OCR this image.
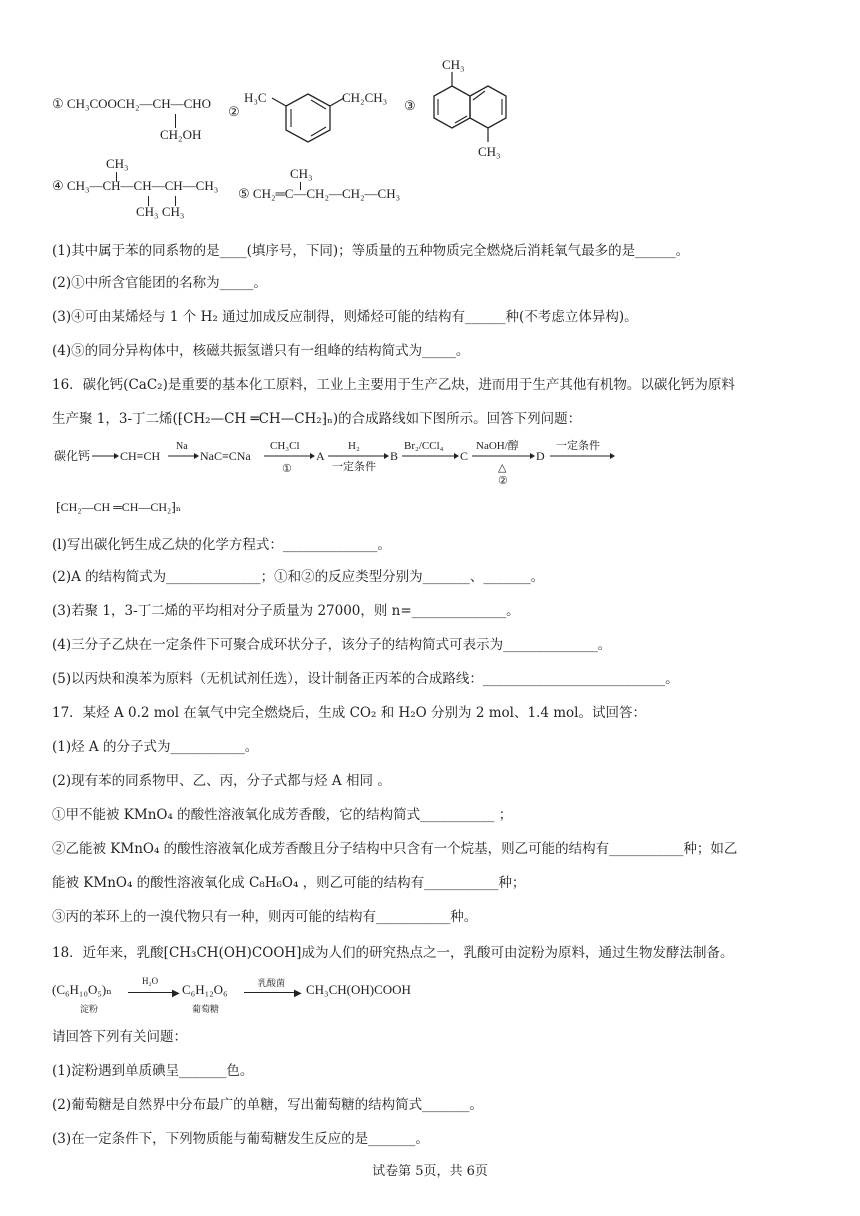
① CH₃COOCH₂—CH—CHO
CH₂OH
②
H₃C	CH₂CH₃
③
CH₃
CH₃
CH₃
④ CH₃—CH—CH—CH—CH₃
CH₃ CH₃
CH₃
⑤ CH₂═C—CH₂—CH₂—CH₃
(1)其中属于苯的同系物的是____(填序号，下同)；等质量的五种物质完全燃烧后消耗氧气最多的是______。
(2)①中所含官能团的名称为_____。
(3)④可由某烯烃与 1 个 H₂ 通过加成反应制得，则烯烃可能的结构有______种(不考虑立体异构)。
(4)⑤的同分异构体中，核磁共振氢谱只有一组峰的结构简式为_____。
16．碳化钙(CaC₂)是重要的基本化工原料，工业上主要用于生产乙炔，进而用于生产其他有机物。以碳化钙为原料
生产聚 1，3-丁二烯(⁅CH₂—CH ═CH—CH₂⁆ₙ)的合成路线如下图所示。回答下列问题：
碳化钙 CH≡CH
Na
NaC≡CNa
CH₃Cl
①
A
H₂
一定条件
B
Br₂/CCl₄
C
NaOH/醇
△
②
D
一定条件
⁅CH₂—CH ═CH—CH₂⁆ₙ
(l)写出碳化钙生成乙炔的化学方程式：______________。
(2)A 的结构简式为______________；①和②的反应类型分别为_______、_______。
(3)若聚 1，3-丁二烯的平均相对分子质量为 27000，则 n=______________。
(4)三分子乙炔在一定条件下可聚合成环状分子，该分子的结构简式可表示为______________。
(5)以丙炔和溴苯为原料（无机试剂任选），设计制备正丙苯的合成路线：___________________________。
17．某烃 A 0.2 mol 在氧气中完全燃烧后，生成 CO₂ 和 H₂O 分别为 2 mol、1.4 mol。试回答：
(1)烃 A 的分子式为___________。
(2)现有苯的同系物甲、乙、丙，分子式都与烃 A 相同 。
①甲不能被 KMnO₄ 的酸性溶液氧化成芳香酸，它的结构简式___________ ；
②乙能被 KMnO₄ 的酸性溶液氧化成芳香酸且分子结构中只含有一个烷基，则乙可能的结构有___________种；如乙
能被 KMnO₄ 的酸性溶液氧化成 C₈H₆O₄ ，则乙可能的结构有___________种；
③丙的苯环上的一溴代物只有一种，则丙可能的结构有___________种。
18．近年来，乳酸[CH₃CH(OH)COOH]成为人们的研究热点之一，乳酸可由淀粉为原料，通过生物发酵法制备。
(C₆H₁₀O₅)ₙ
淀粉
▶
H₂O
C₆H₁₂O₆
葡萄糖
▶
乳酸菌 CH₃CH(OH)COOH
请回答下列有关问题：
(1)淀粉遇到单质碘呈_______色。
(2)葡萄糖是自然界中分布最广的单糖，写出葡萄糖的结构简式_______。
(3)在一定条件下，下列物质能与葡萄糖发生反应的是_______。
试卷第 5页，共 6页
